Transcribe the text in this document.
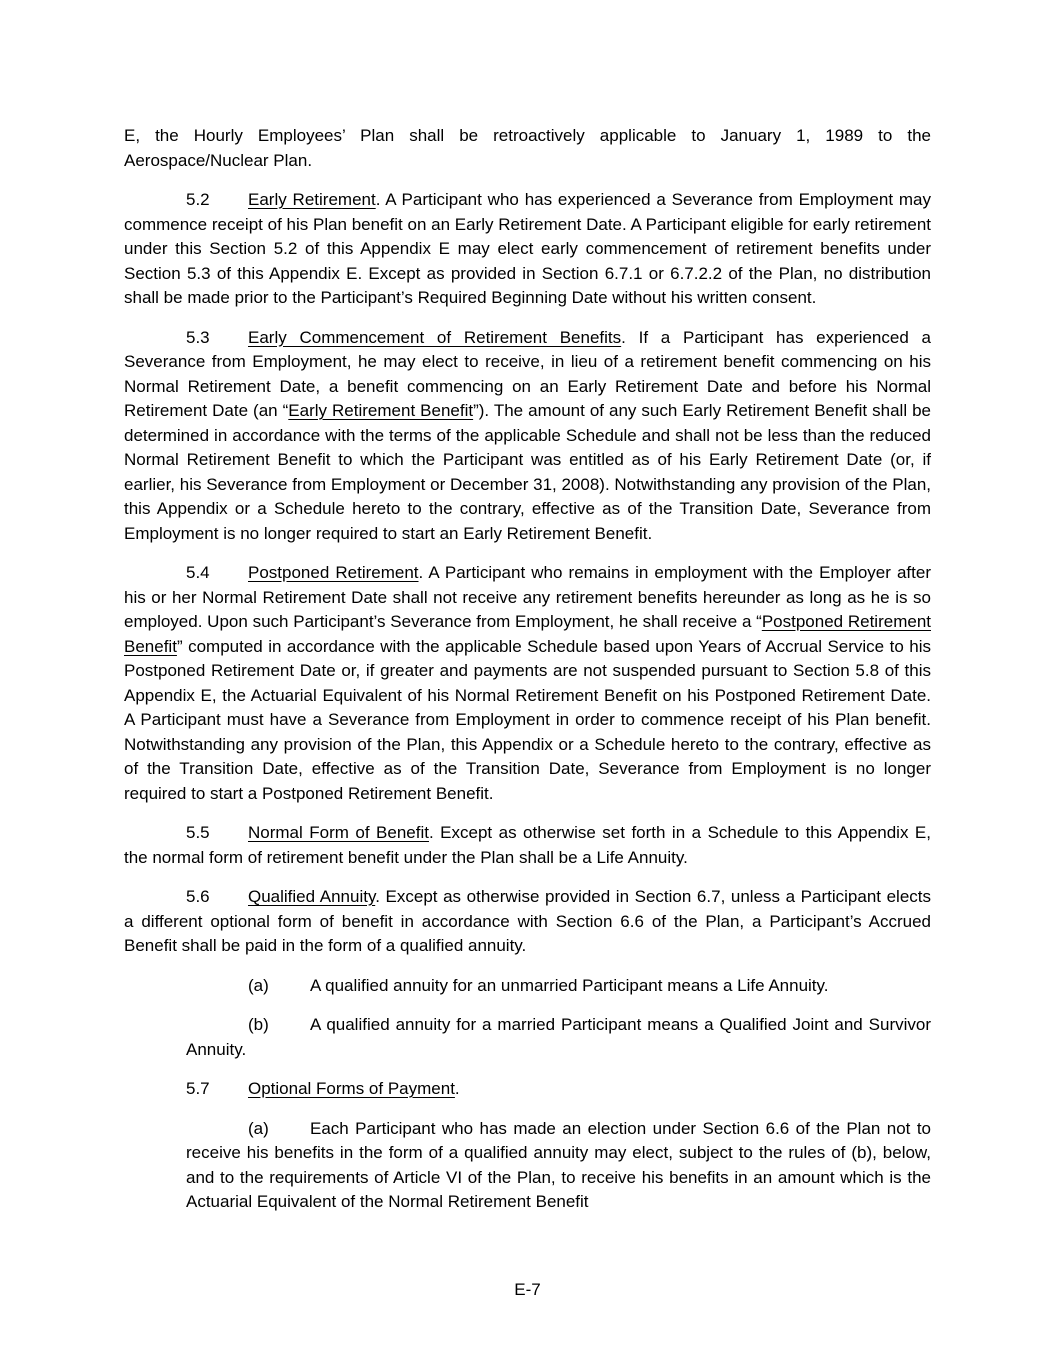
E, the Hourly Employees’ Plan shall be retroactively applicable to January 1, 1989 to the Aerospace/Nuclear Plan.

5.2 Early Retirement. A Participant who has experienced a Severance from Employment may commence receipt of his Plan benefit on an Early Retirement Date. A Participant eligible for early retirement under this Section 5.2 of this Appendix E may elect early commencement of retirement benefits under Section 5.3 of this Appendix E. Except as provided in Section 6.7.1 or 6.7.2.2 of the Plan, no distribution shall be made prior to the Participant’s Required Beginning Date without his written consent.

5.3 Early Commencement of Retirement Benefits. If a Participant has experienced a Severance from Employment, he may elect to receive, in lieu of a retirement benefit commencing on his Normal Retirement Date, a benefit commencing on an Early Retirement Date and before his Normal Retirement Date (an “Early Retirement Benefit”). The amount of any such Early Retirement Benefit shall be determined in accordance with the terms of the applicable Schedule and shall not be less than the reduced Normal Retirement Benefit to which the Participant was entitled as of his Early Retirement Date (or, if earlier, his Severance from Employment or December 31, 2008). Notwithstanding any provision of the Plan, this Appendix or a Schedule hereto to the contrary, effective as of the Transition Date, Severance from Employment is no longer required to start an Early Retirement Benefit.

5.4 Postponed Retirement. A Participant who remains in employment with the Employer after his or her Normal Retirement Date shall not receive any retirement benefits hereunder as long as he is so employed. Upon such Participant’s Severance from Employment, he shall receive a “Postponed Retirement Benefit” computed in accordance with the applicable Schedule based upon Years of Accrual Service to his Postponed Retirement Date or, if greater and payments are not suspended pursuant to Section 5.8 of this Appendix E, the Actuarial Equivalent of his Normal Retirement Benefit on his Postponed Retirement Date. A Participant must have a Severance from Employment in order to commence receipt of his Plan benefit. Notwithstanding any provision of the Plan, this Appendix or a Schedule hereto to the contrary, effective as of the Transition Date, effective as of the Transition Date, Severance from Employment is no longer required to start a Postponed Retirement Benefit.

5.5 Normal Form of Benefit. Except as otherwise set forth in a Schedule to this Appendix E, the normal form of retirement benefit under the Plan shall be a Life Annuity.

5.6 Qualified Annuity. Except as otherwise provided in Section 6.7, unless a Participant elects a different optional form of benefit in accordance with Section 6.6 of the Plan, a Participant’s Accrued Benefit shall be paid in the form of a qualified annuity.

(a) A qualified annuity for an unmarried Participant means a Life Annuity.

(b) A qualified annuity for a married Participant means a Qualified Joint and Survivor Annuity.

5.7 Optional Forms of Payment.

(a) Each Participant who has made an election under Section 6.6 of the Plan not to receive his benefits in the form of a qualified annuity may elect, subject to the rules of (b), below, and to the requirements of Article VI of the Plan, to receive his benefits in an amount which is the Actuarial Equivalent of the Normal Retirement Benefit

E-7
